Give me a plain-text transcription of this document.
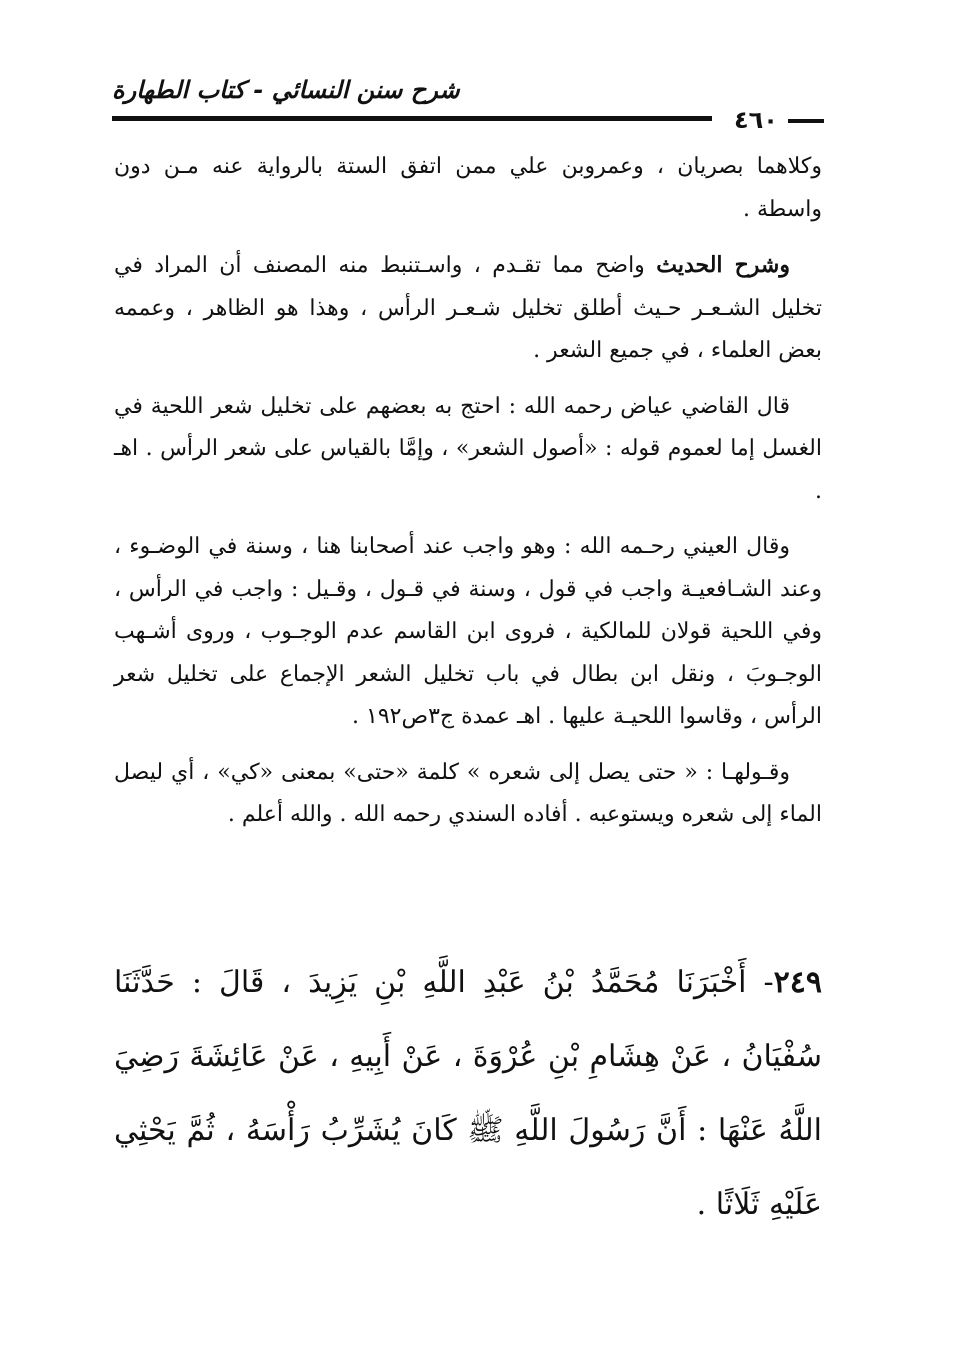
شرح سنن النسائي - كتاب الطهارة
٤٦٠

وكلاهما بصريان ، وعمروبن علي ممن اتفق الستة بالرواية عنه مـن دون واسطة .

وشرح الحديث واضح مما تقـدم ، واسـتنبط منه المصنف أن المراد في تخليل الشـعـر حـيث أطلق تخليل شـعـر الرأس ، وهذا هو الظاهر ، وعممه بعض العلماء ، في جميع الشعر .

قال القاضي عياض رحمه الله : احتج به بعضهم على تخليل شعر اللحية في الغسل إما لعموم قوله : «أصول الشعر» ، وإمَّا بالقياس على شعر الرأس . اهـ .

وقال العيني رحـمه الله : وهو واجب عند أصحابنا هنا ، وسنة في الوضـوء ، وعند الشـافعيـة واجب في قول ، وسنة في قـول ، وقـيل : واجب في الرأس ، وفي اللحية قولان للمالكية ، فروى ابن القاسم عدم الوجـوب ، وروى أشـهب الوجـوبَ ، ونقل ابن بطال في باب تخليل الشعر الإجماع على تخليل شعر الرأس ، وقاسوا اللحيـة عليها . اهـ عمدة ج٣ص١٩٢ .

وقـولهـا : « حتى يصل إلى شعره » كلمة «حتى» بمعنى «كي» ، أي ليصل الماء إلى شعره ويستوعبه . أفاده السندي رحمه الله . والله أعلم .

٢٤٩- أَخْبَرَنَا مُحَمَّدُ بْنُ عَبْدِ اللَّهِ بْنِ يَزِيدَ ، قَالَ : حَدَّثَنَا سُفْيَانُ ، عَنْ هِشَامِ بْنِ عُرْوَةَ ، عَنْ أَبِيهِ ، عَنْ عَائِشَةَ رَضِيَ اللَّهُ عَنْهَا : أَنَّ رَسُولَ اللَّهِ ﷺ كَانَ يُشَرِّبُ رَأْسَهُ ، ثُمَّ يَحْثِي عَلَيْهِ ثَلَاثًا .
